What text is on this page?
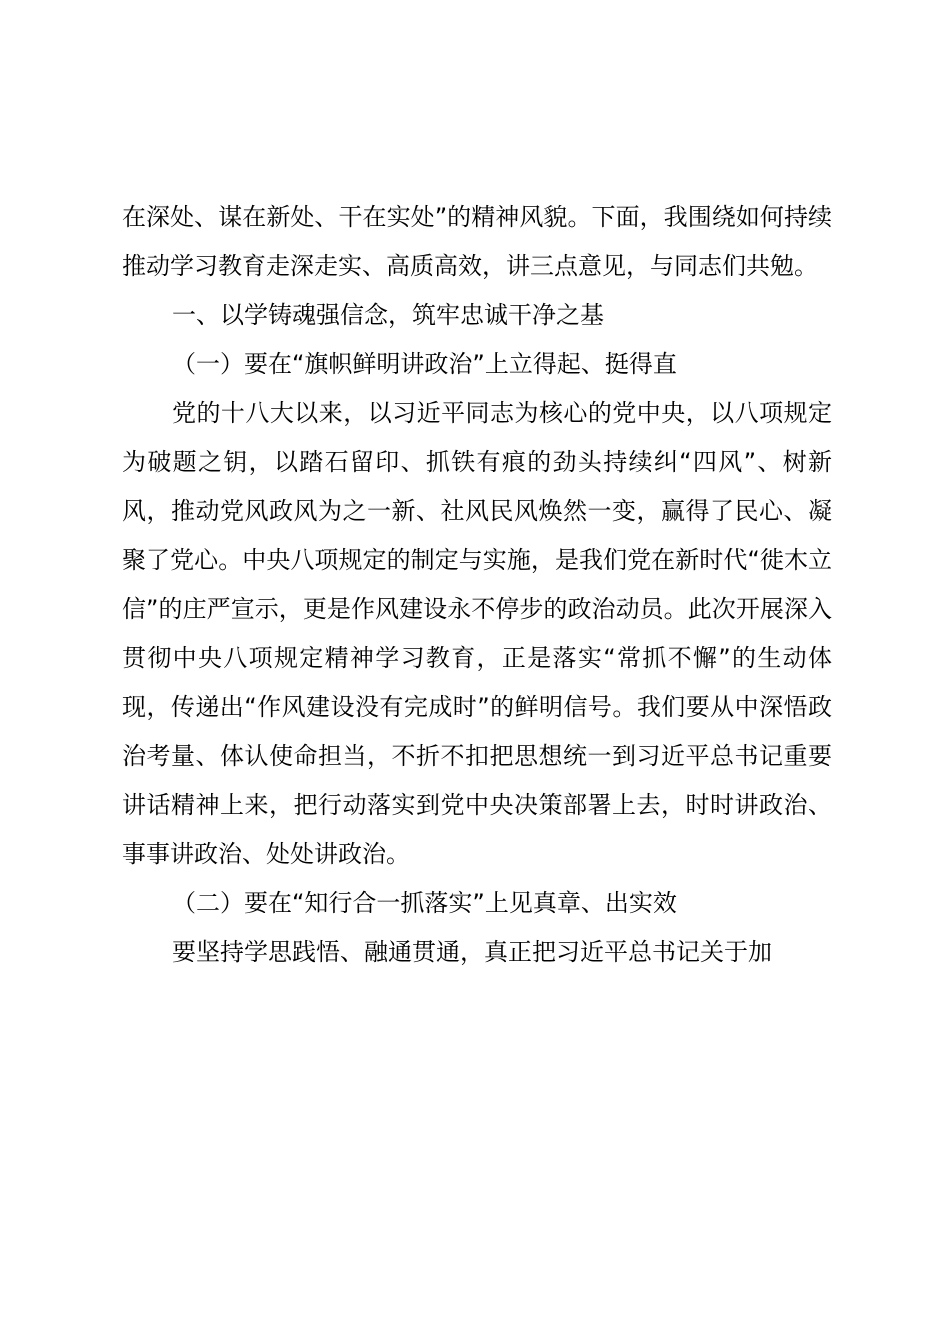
在深处、谋在新处、干在实处”的精神风貌。下面，我围绕如何持续推动学习教育走深走实、高质高效，讲三点意见，与同志们共勉。

一、以学铸魂强信念，筑牢忠诚干净之基

（一）要在“旗帜鲜明讲政治”上立得起、挺得直

党的十八大以来，以习近平同志为核心的党中央，以八项规定为破题之钥，以踏石留印、抓铁有痕的劲头持续纠“四风”、树新风，推动党风政风为之一新、社风民风焕然一变，赢得了民心、凝聚了党心。中央八项规定的制定与实施，是我们党在新时代“徙木立信”的庄严宣示，更是作风建设永不停步的政治动员。此次开展深入贯彻中央八项规定精神学习教育，正是落实“常抓不懈”的生动体现，传递出“作风建设没有完成时”的鲜明信号。我们要从中深悟政治考量、体认使命担当，不折不扣把思想统一到习近平总书记重要讲话精神上来，把行动落实到党中央决策部署上去，时时讲政治、事事讲政治、处处讲政治。

（二）要在“知行合一抓落实”上见真章、出实效

要坚持学思践悟、融通贯通，真正把习近平总书记关于加
